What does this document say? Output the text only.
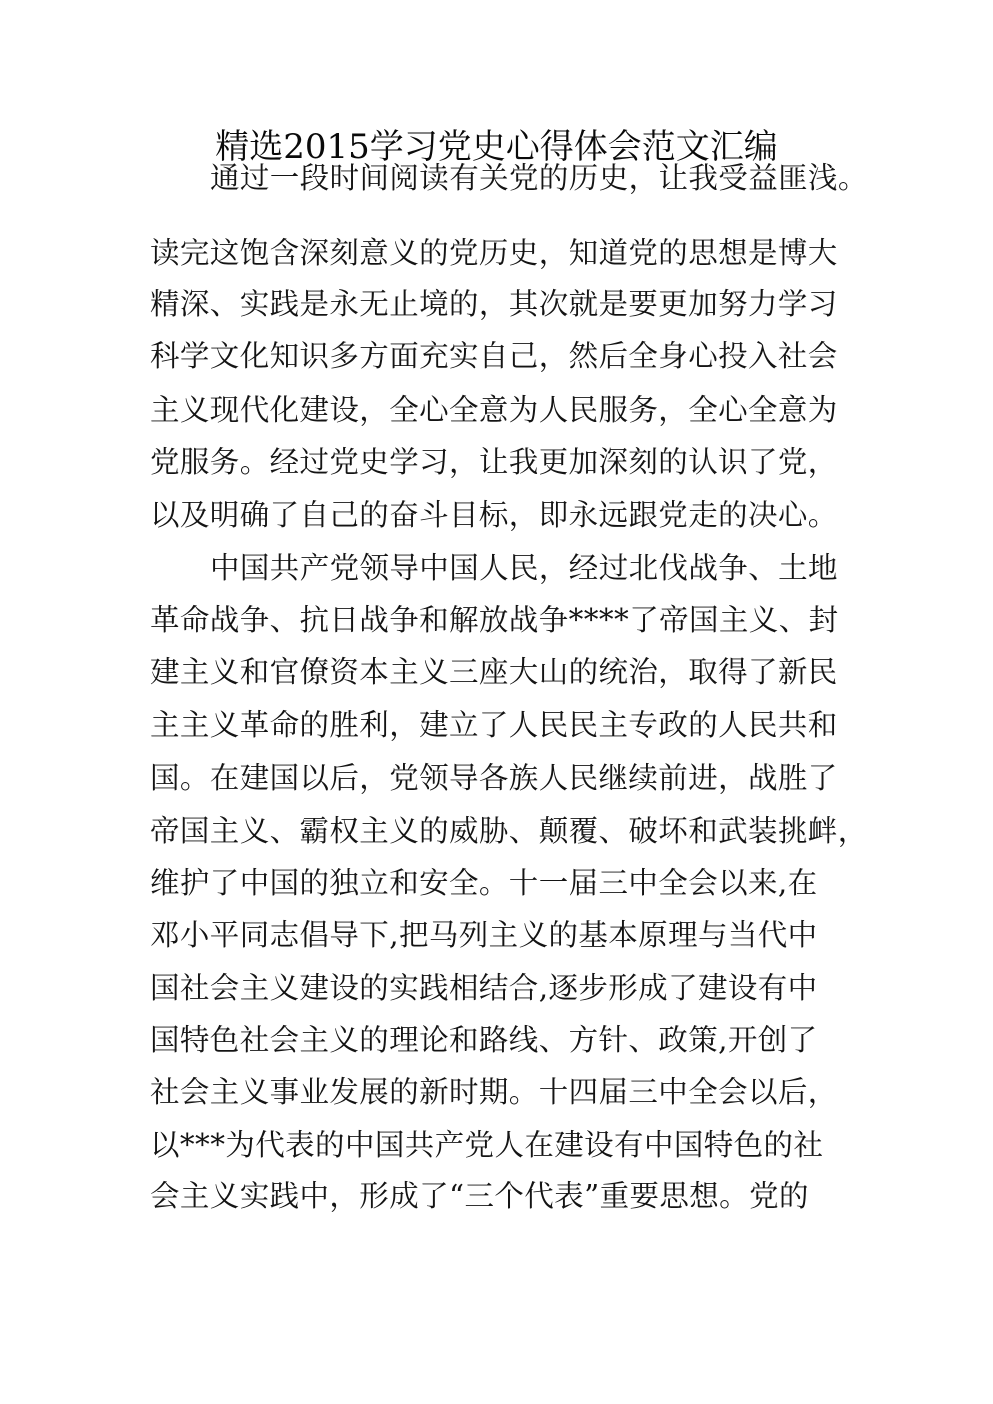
精选2015学习党史心得体会范文汇编
通过一段时间阅读有关党的历史，让我受益匪浅。
读完这饱含深刻意义的党历史，知道党的思想是博大
精深、实践是永无止境的，其次就是要更加努力学习
科学文化知识多方面充实自己，然后全身心投入社会
主义现代化建设，全心全意为人民服务，全心全意为
党服务。经过党史学习，让我更加深刻的认识了党，
以及明确了自己的奋斗目标，即永远跟党走的决心。
中国共产党领导中国人民，经过北伐战争、土地
革命战争、抗日战争和解放战争****了帝国主义、封
建主义和官僚资本主义三座大山的统治，取得了新民
主主义革命的胜利，建立了人民民主专政的人民共和
国。在建国以后，党领导各族人民继续前进，战胜了
帝国主义、霸权主义的威胁、颠覆、破坏和武装挑衅，
维护了中国的独立和安全。十一届三中全会以来,在
邓小平同志倡导下,把马列主义的基本原理与当代中
国社会主义建设的实践相结合,逐步形成了建设有中
国特色社会主义的理论和路线、方针、政策,开创了
社会主义事业发展的新时期。十四届三中全会以后，
以***为代表的中国共产党人在建设有中国特色的社
会主义实践中，形成了“三个代表”重要思想。党的
